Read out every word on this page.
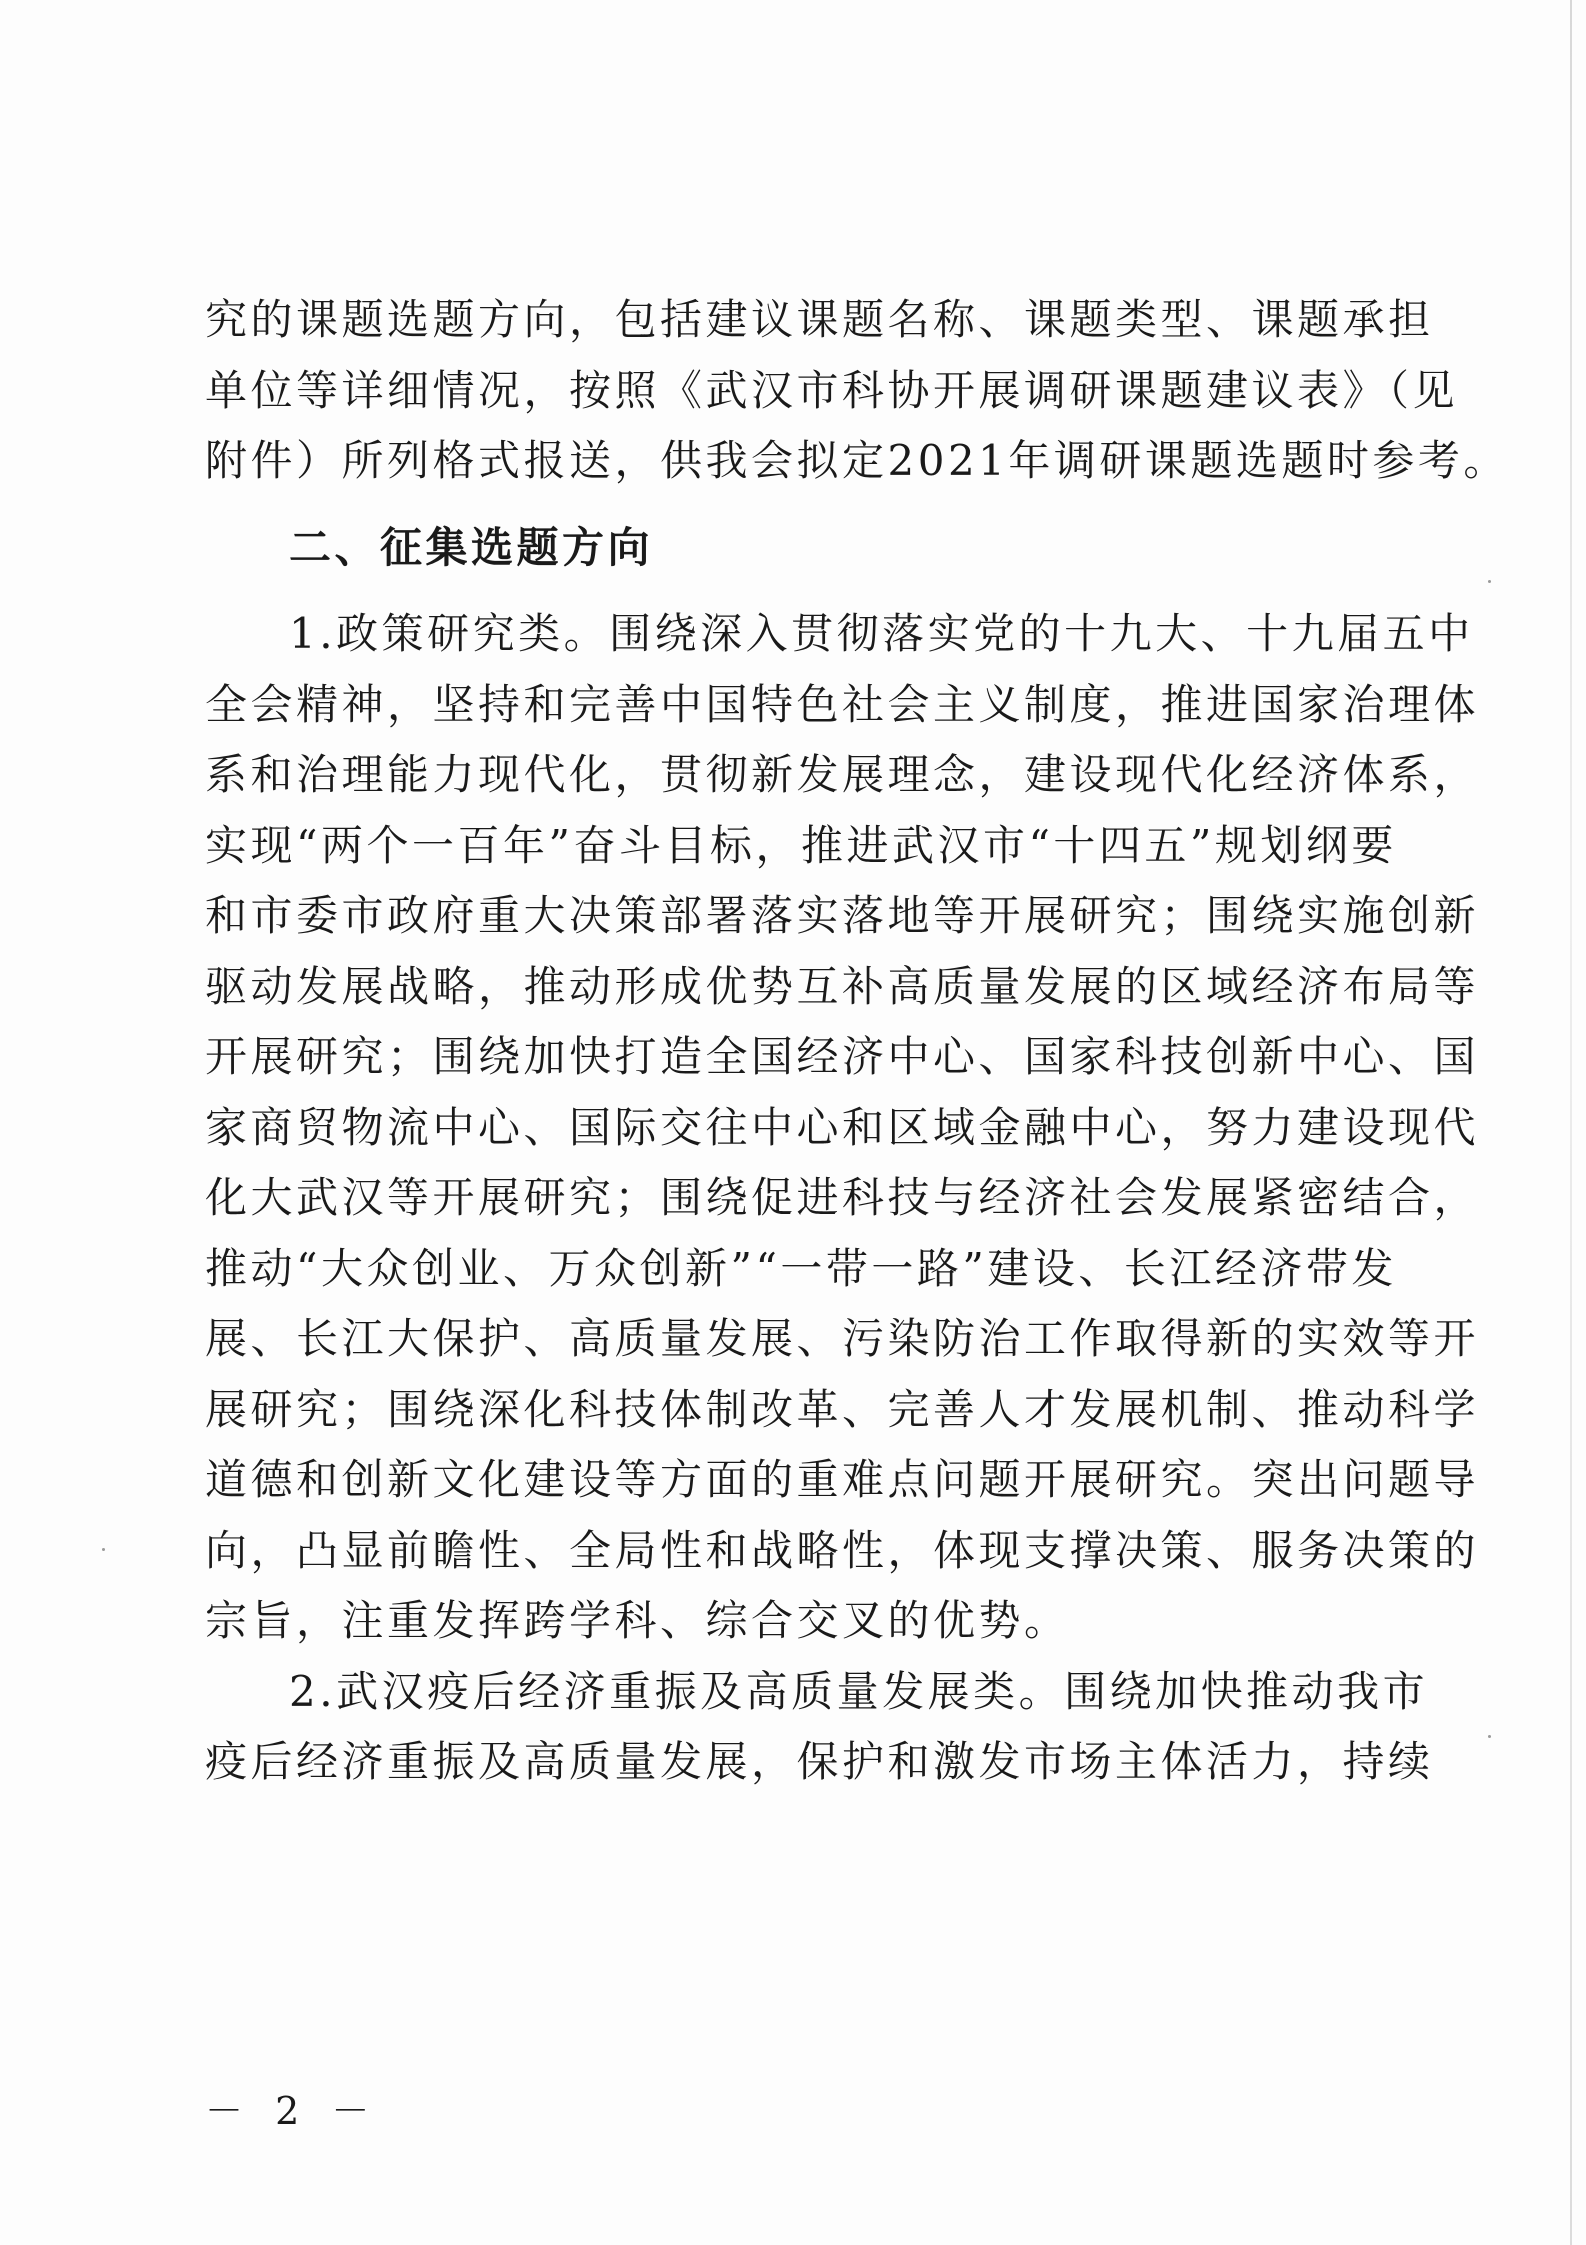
究的课题选题方向，包括建议课题名称、课题类型、课题承担
单位等详细情况，按照《武汉市科协开展调研课题建议表》（见
附件）所列格式报送，供我会拟定2021年调研课题选题时参考。
二、征集选题方向
1.政策研究类。围绕深入贯彻落实党的十九大、十九届五中
全会精神，坚持和完善中国特色社会主义制度，推进国家治理体
系和治理能力现代化，贯彻新发展理念，建设现代化经济体系，
实现“两个一百年”奋斗目标，推进武汉市“十四五”规划纲要
和市委市政府重大决策部署落实落地等开展研究；围绕实施创新
驱动发展战略，推动形成优势互补高质量发展的区域经济布局等
开展研究；围绕加快打造全国经济中心、国家科技创新中心、国
家商贸物流中心、国际交往中心和区域金融中心，努力建设现代
化大武汉等开展研究；围绕促进科技与经济社会发展紧密结合，
推动“大众创业、万众创新”“一带一路”建设、长江经济带发
展、长江大保护、高质量发展、污染防治工作取得新的实效等开
展研究；围绕深化科技体制改革、完善人才发展机制、推动科学
道德和创新文化建设等方面的重难点问题开展研究。突出问题导
向，凸显前瞻性、全局性和战略性，体现支撑决策、服务决策的
宗旨，注重发挥跨学科、综合交叉的优势。
2.武汉疫后经济重振及高质量发展类。围绕加快推动我市
疫后经济重振及高质量发展，保护和激发市场主体活力，持续
－ 2 －
